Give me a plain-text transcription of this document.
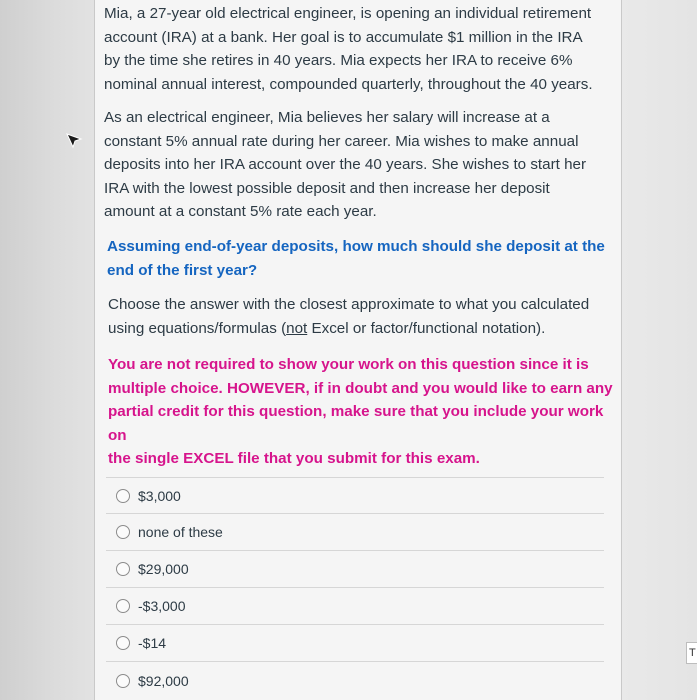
T
Mia, a 27-year old electrical engineer, is opening an individual retirement
account (IRA) at a bank. Her goal is to accumulate $1 million in the IRA
by the time she retires in 40 years. Mia expects her IRA to receive 6%
nominal annual interest, compounded quarterly, throughout the 40 years.
As an electrical engineer, Mia believes her salary will increase at a
constant 5% annual rate during her career. Mia wishes to make annual
deposits into her IRA account over the 40 years. She wishes to start her
IRA with the lowest possible deposit and then increase her deposit
amount at a constant 5% rate each year.
Assuming end-of-year deposits, how much should she deposit at the
end of the first year?
Choose the answer with the closest approximate to what you calculated
using equations/formulas (not Excel or factor/functional notation).
You are not required to show your work on this question since it is
multiple choice. HOWEVER, if in doubt and you would like to earn any
partial credit for this question, make sure that you include your work on
the single EXCEL file that you submit for this exam.
$3,000
none of these
$29,000
-$3,000
-$14
$92,000
